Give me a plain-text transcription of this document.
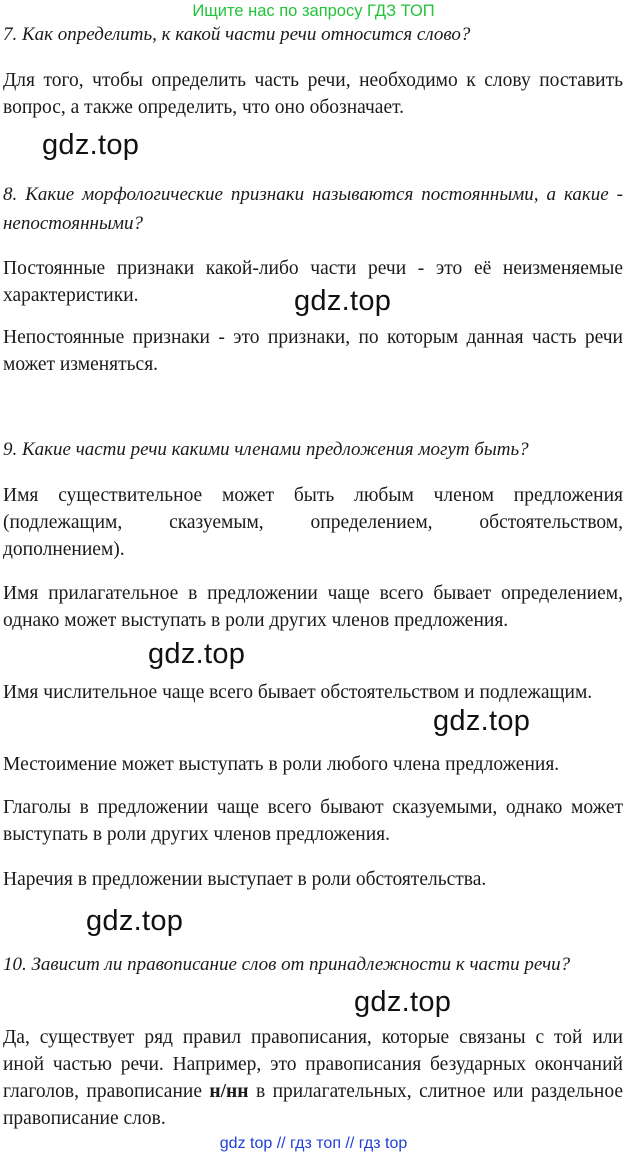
Ищите нас по запросу ГДЗ ТОП
7. Как определить, к какой части речи относится слово?
Для того, чтобы определить часть речи, необходимо к слову поставить вопрос, а также определить, что оно обозначает.
gdz.top
8. Какие морфологические признаки называются постоянными, а какие - непостоянными?
Постоянные признаки какой-либо части речи - это её неизменяемые характеристики.	gdz.top
Непостоянные признаки - это признаки, по которым данная часть речи может изменяться.
9. Какие части речи какими членами предложения могут быть?
Имя существительное может быть любым членом предложения (подлежащим, сказуемым, определением, обстоятельством, дополнением).
Имя прилагательное в предложении чаще всего бывает определением, однако может выступать в роли других членов предложения.
gdz.top
Имя числительное чаще всего бывает обстоятельством и подлежащим.
gdz.top
Местоимение может выступать в роли любого члена предложения.
Глаголы в предложении чаще всего бывают сказуемыми, однако может выступать в роли других членов предложения.
Наречия в предложении выступает в роли обстоятельства.
gdz.top
10. Зависит ли правописание слов от принадлежности к части речи?
gdz.top
Да, существует ряд правил правописания, которые связаны с той или иной частью речи. Например, это правописания безударных окончаний глаголов, правописание н/нн в прилагательных, слитное или раздельное правописание слов.
gdz top // гдз топ // гдз top
